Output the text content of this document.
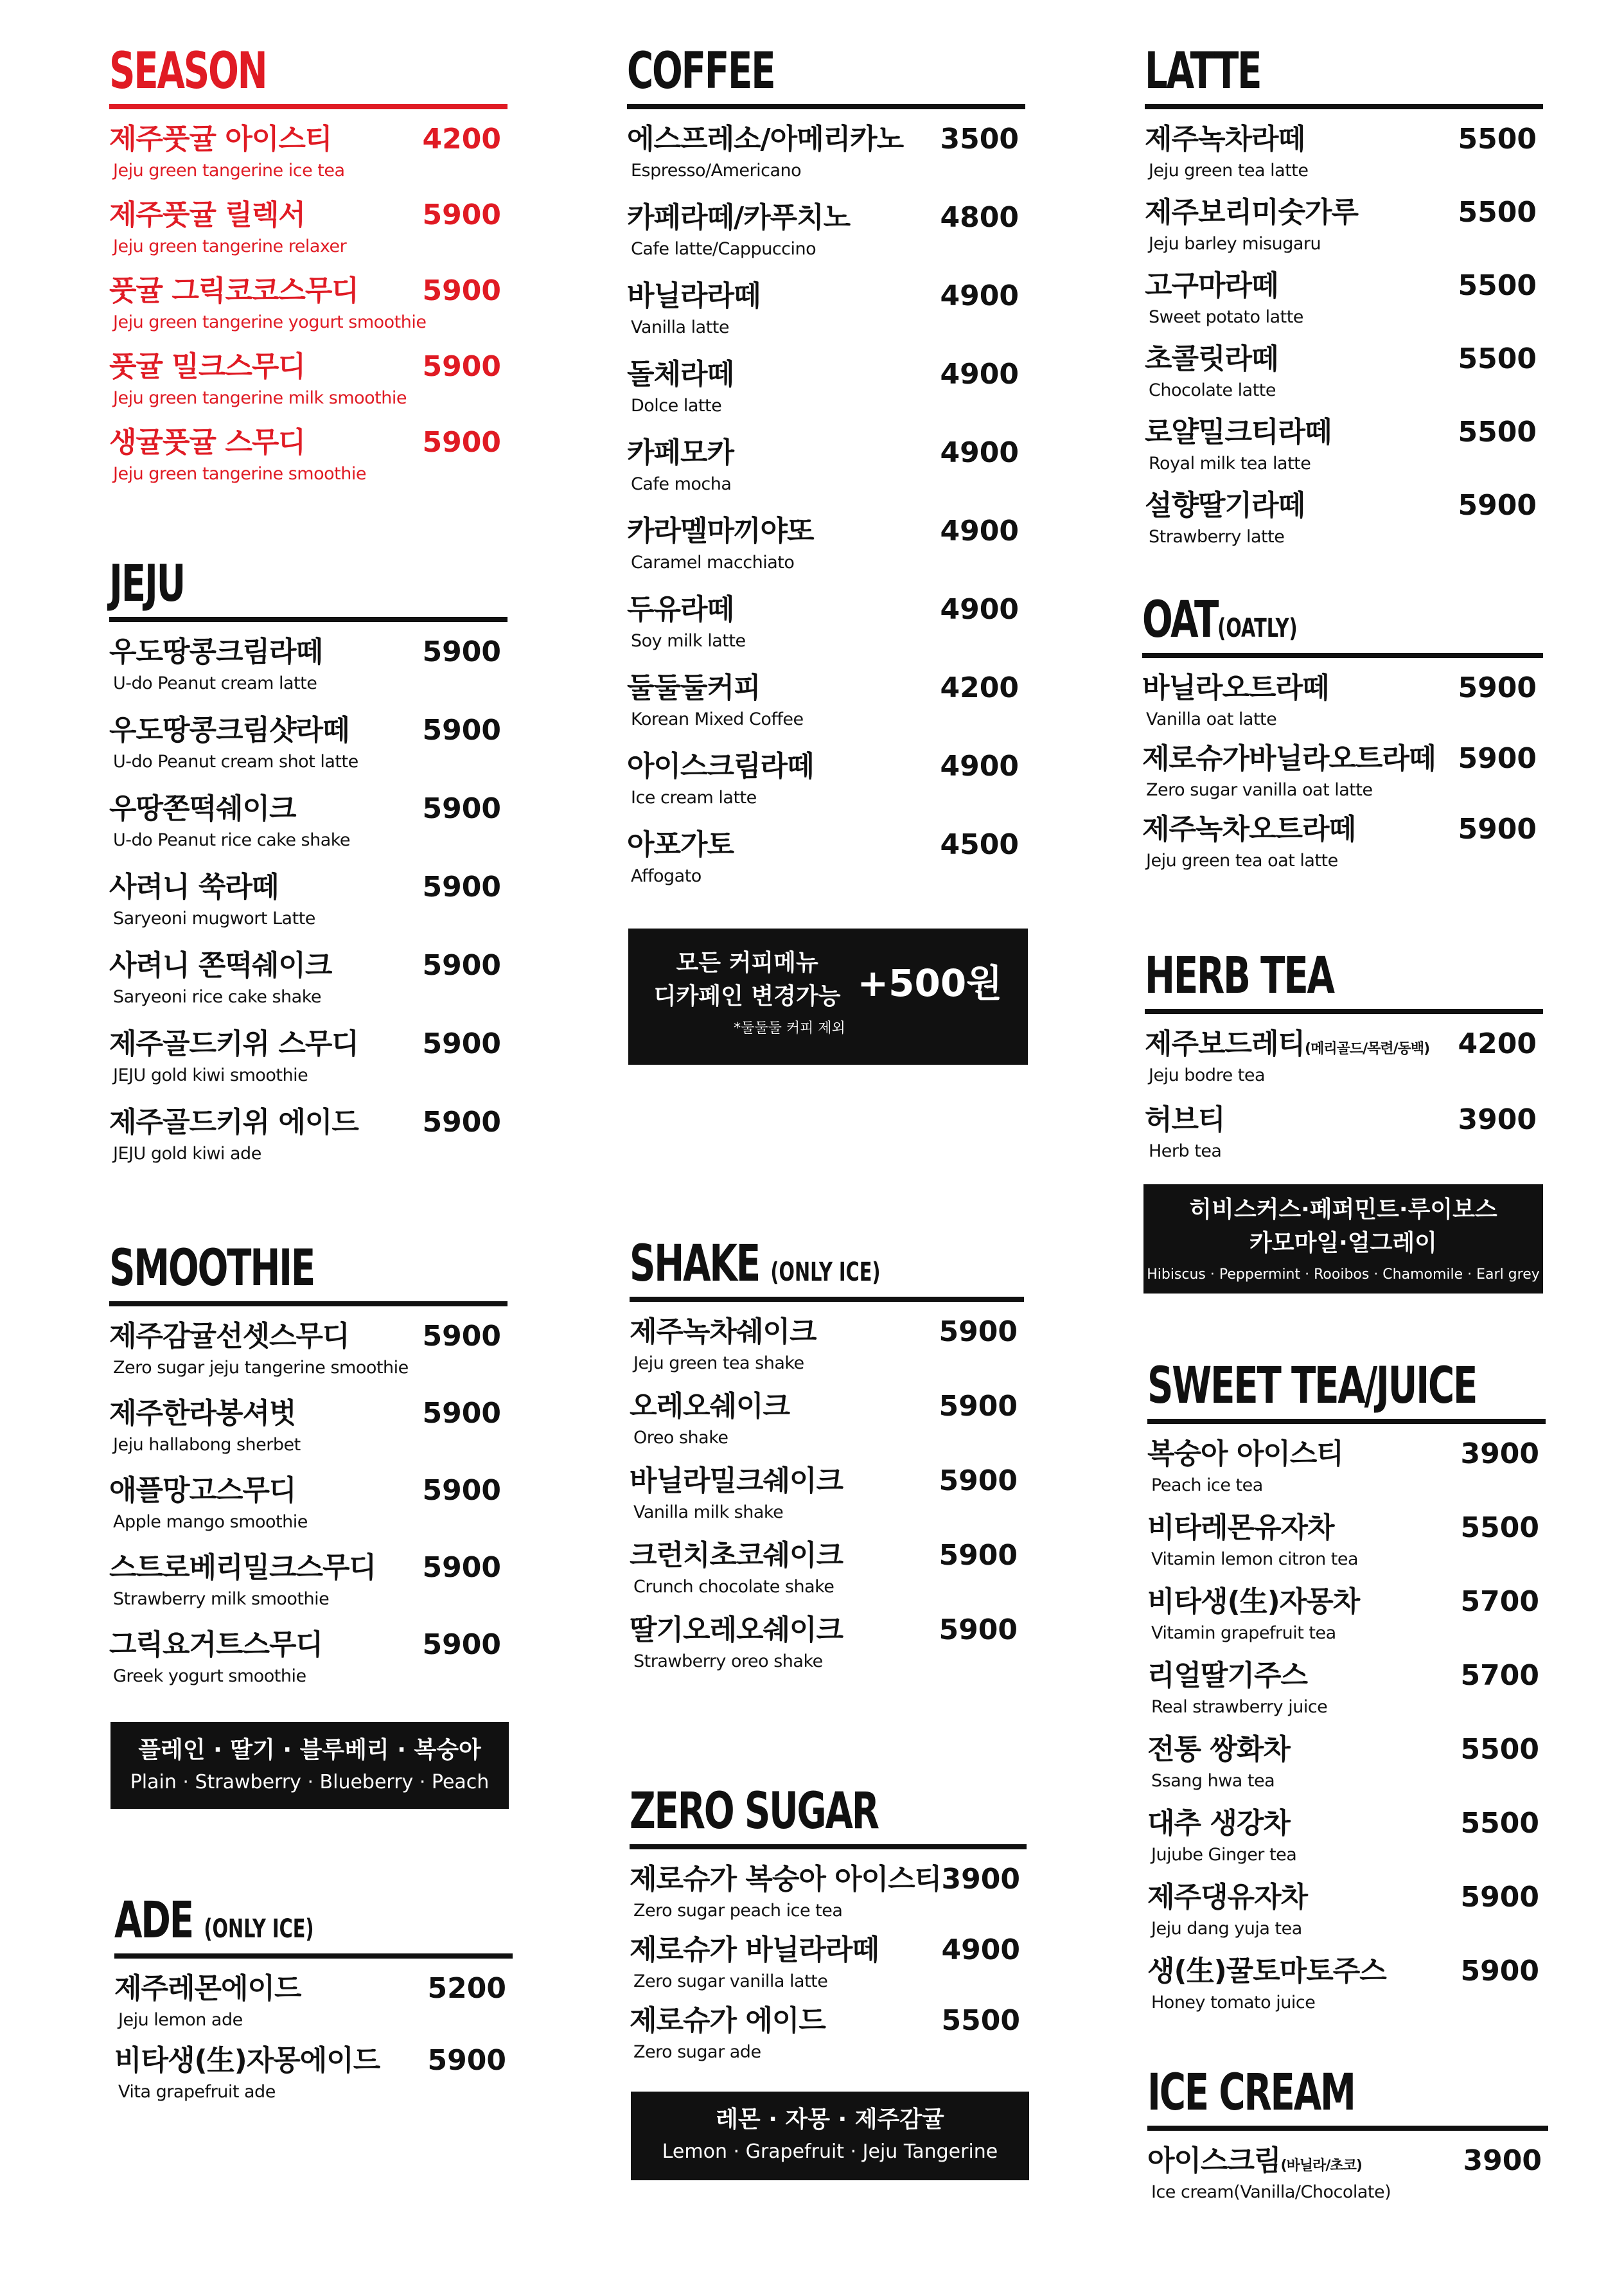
SEASON
제주풋귤 아이스티
Jeju green tangerine ice tea
4200
제주풋귤 릴렉서
Jeju green tangerine relaxer
5900
풋귤 그릭코코스무디
Jeju green tangerine yogurt smoothie
5900
풋귤 밀크스무디
Jeju green tangerine milk smoothie
5900
생귤풋귤 스무디
Jeju green tangerine smoothie
5900
JEJU
우도땅콩크림라떼
U-do Peanut cream latte
5900
우도땅콩크림샷라떼
U-do Peanut cream shot latte
5900
우땅쫀떡쉐이크
U-do Peanut rice cake shake
5900
사려니 쑥라떼
Saryeoni mugwort Latte
5900
사려니 쫀떡쉐이크
Saryeoni rice cake shake
5900
제주골드키위 스무디
JEJU gold kiwi smoothie
5900
제주골드키위 에이드
JEJU gold kiwi ade
5900
SMOOTHIE
제주감귤선셋스무디
Zero sugar jeju tangerine smoothie
5900
제주한라봉셔벗
Jeju hallabong sherbet
5900
애플망고스무디
Apple mango smoothie
5900
스트로베리밀크스무디
Strawberry milk smoothie
5900
그릭요거트스무디
Greek yogurt smoothie
5900
플레인 · 딸기 · 블루베리 · 복숭아
Plain · Strawberry · Blueberry · Peach
ADE (ONLY ICE)
제주레몬에이드
Jeju lemon ade
5200
비타생(生)자몽에이드
Vita grapefruit ade
5900
COFFEE
에스프레소/아메리카노
Espresso/Americano
3500
카페라떼/카푸치노
Cafe latte/Cappuccino
4800
바닐라라떼
Vanilla latte
4900
돌체라떼
Dolce latte
4900
카페모카
Cafe mocha
4900
카라멜마끼야또
Caramel macchiato
4900
두유라떼
Soy milk latte
4900
둘둘둘커피
Korean Mixed Coffee
4200
아이스크림라떼
Ice cream latte
4900
아포가토
Affogato
4500
모든 커피메뉴
디카페인 변경가능 +500원
*둘둘둘 커피 제외
SHAKE (ONLY ICE)
제주녹차쉐이크
Jeju green tea shake
5900
오레오쉐이크
Oreo shake
5900
바닐라밀크쉐이크
Vanilla milk shake
5900
크런치초코쉐이크
Crunch chocolate shake
5900
딸기오레오쉐이크
Strawberry oreo shake
5900
ZERO SUGAR
제로슈가 복숭아 아이스티
Zero sugar peach ice tea
3900
제로슈가 바닐라라떼
Zero sugar vanilla latte
4900
제로슈가 에이드
Zero sugar ade
5500
레몬 · 자몽 · 제주감귤
Lemon · Grapefruit · Jeju Tangerine
LATTE
제주녹차라떼
Jeju green tea latte
5500
제주보리미숫가루
Jeju barley misugaru
5500
고구마라떼
Sweet potato latte
5500
초콜릿라떼
Chocolate latte
5500
로얄밀크티라떼
Royal milk tea latte
5500
설향딸기라떼
Strawberry latte
5900
OAT(OATLY)
바닐라오트라떼
Vanilla oat latte
5900
제로슈가바닐라오트라떼
Zero sugar vanilla oat latte
5900
제주녹차오트라떼
Jeju green tea oat latte
5900
HERB TEA
제주보드레티(메리골드/목련/동백)
Jeju bodre tea
4200
허브티
Herb tea
3900
히비스커스·페퍼민트·루이보스
카모마일·얼그레이
Hibiscus · Peppermint · Rooibos · Chamomile · Earl grey
SWEET TEA/JUICE
복숭아 아이스티
Peach ice tea
3900
비타레몬유자차
Vitamin lemon citron tea
5500
비타생(生)자몽차
Vitamin grapefruit tea
5700
리얼딸기주스
Real strawberry juice
5700
전통 쌍화차
Ssang hwa tea
5500
대추 생강차
Jujube Ginger tea
5500
제주댕유자차
Jeju dang yuja tea
5900
생(生)꿀토마토주스
Honey tomato juice
5900
ICE CREAM
아이스크림(바닐라/초코)
Ice cream(Vanilla/Chocolate)
3900
